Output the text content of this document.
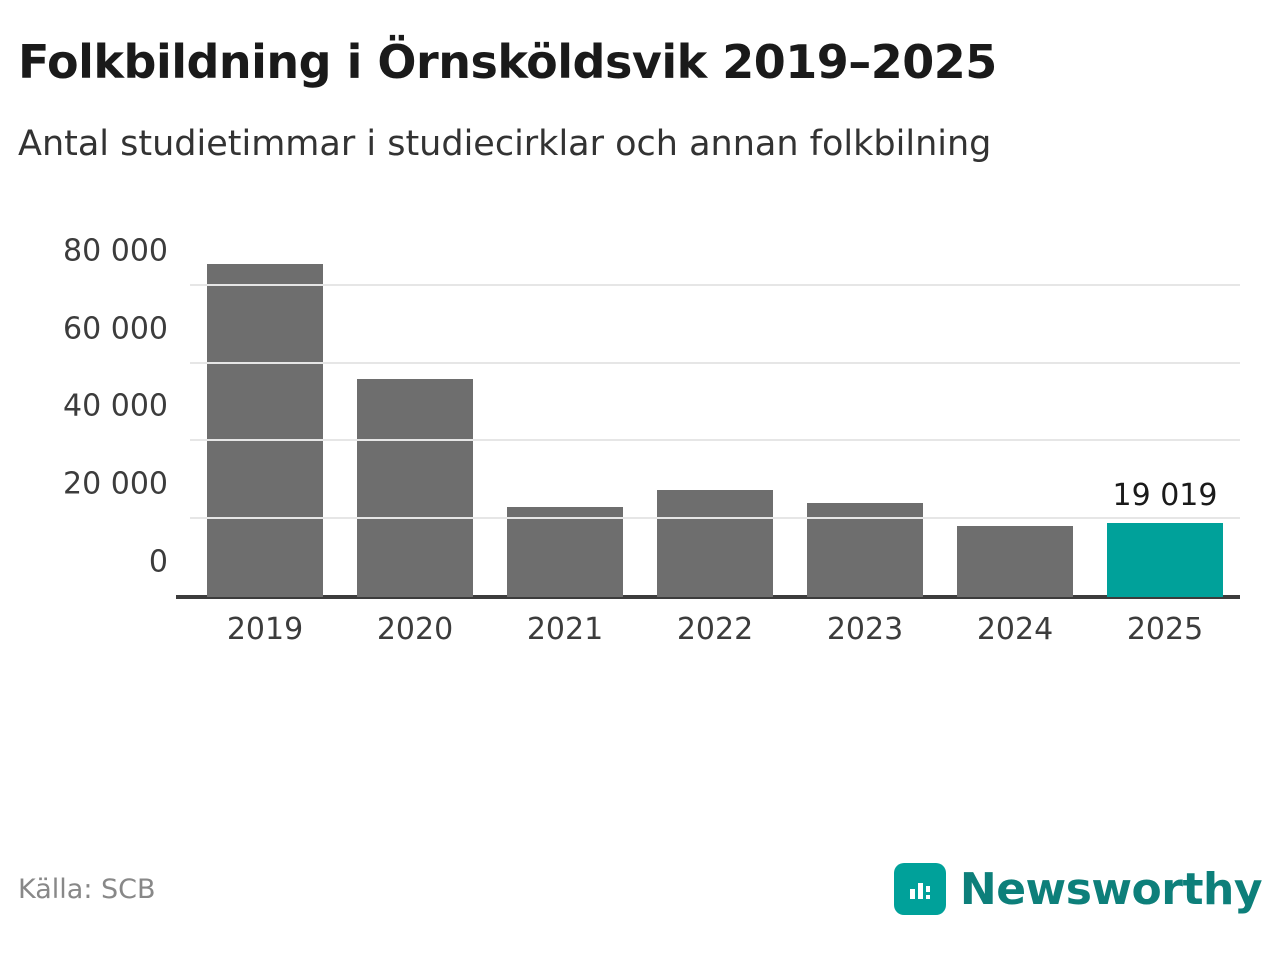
Folkbildning i Örnsköldsvik 2019–2025
Antal studietimmar i studiecirklar och annan folkbilning
19 019
0
20 000
40 000
60 000
80 000
2019	2020	2021	2022	2023	2024	2025
Källa: SCB	Newsworthy
